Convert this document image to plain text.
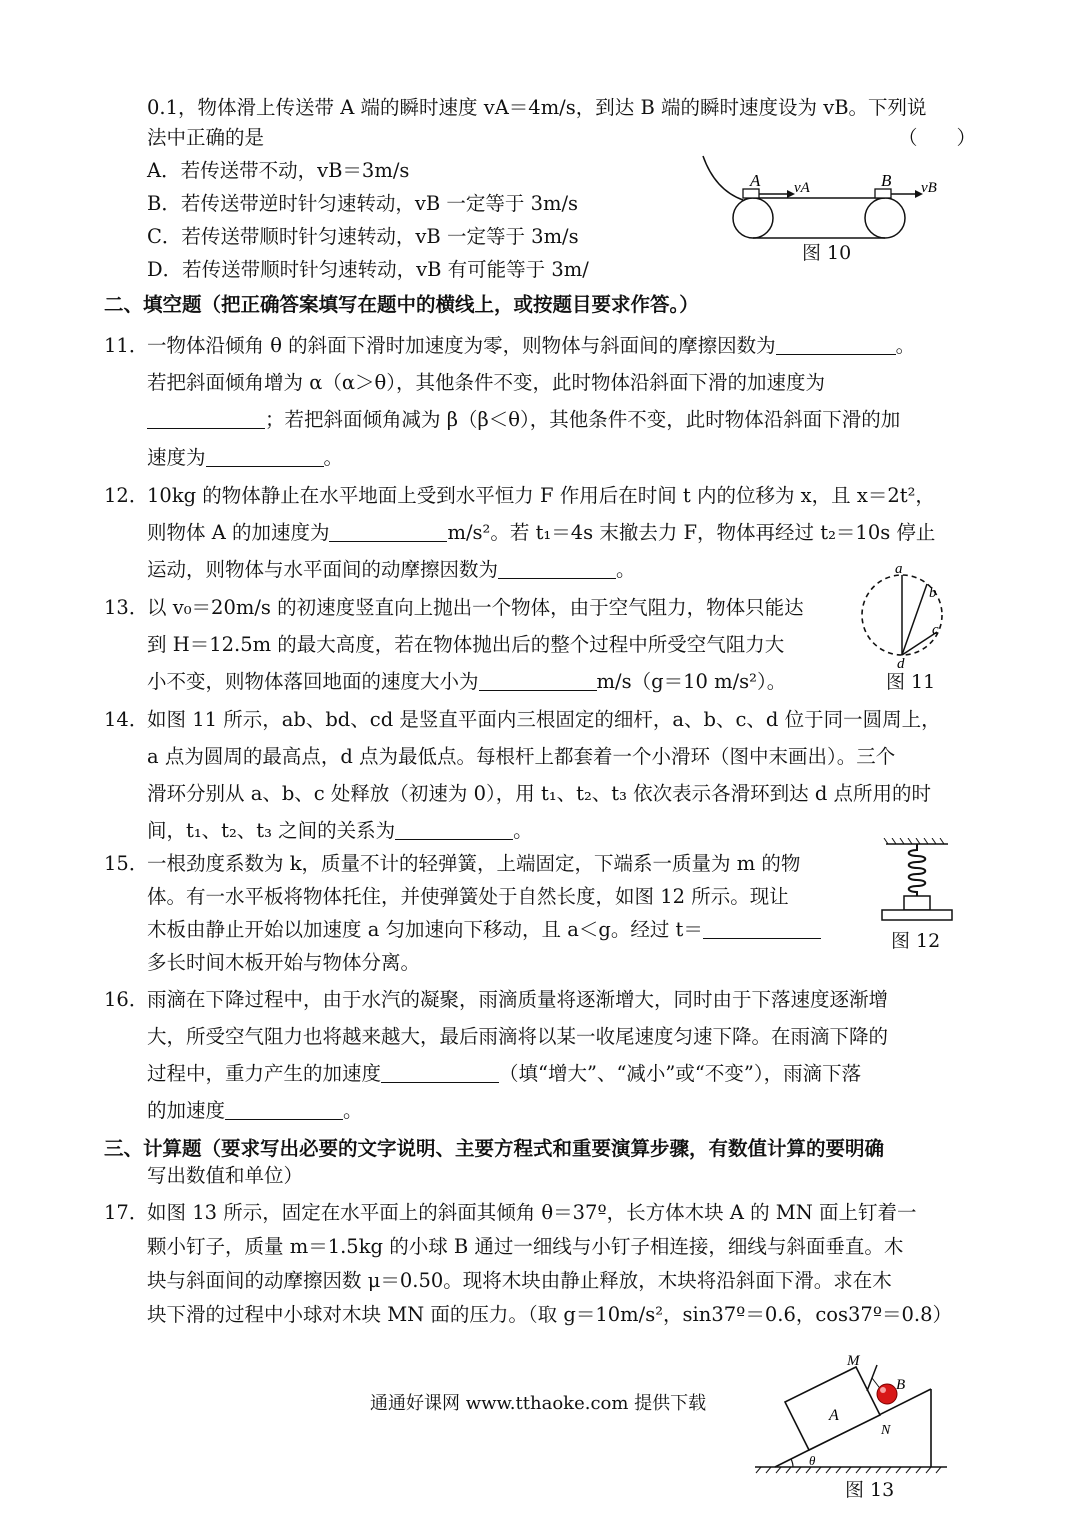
0.1，物体滑上传送带 A 端的瞬时速度 vA＝4m/s，到达 B 端的瞬时速度设为 vB。下列说
法中正确的是	（　　）
A．若传送带不动，vB＝3m/s
B．若传送带逆时针匀速转动，vB 一定等于 3m/s
C．若传送带顺时针匀速转动，vB 一定等于 3m/s
D．若传送带顺时针匀速转动，vB 有可能等于 3m/
A vA	B vB
图 10
二、填空题（把正确答案填写在题中的横线上，或按题目要求作答。）
11．
一物体沿倾角 θ 的斜面下滑时加速度为零，则物体与斜面间的摩擦因数为	。
若把斜面倾角增为 α（α＞θ），其他条件不变，此时物体沿斜面下滑的加速度为
；若把斜面倾角减为 β（β＜θ），其他条件不变，此时物体沿斜面下滑的加
速度为	。
12．
10kg 的物体静止在水平地面上受到水平恒力 F 作用后在时间 t 内的位移为 x，且 x＝2t²，
则物体 A 的加速度为	m/s²。若 t₁＝4s 末撤去力 F，物体再经过 t₂＝10s 停止
运动，则物体与水平面间的动摩擦因数为	。
13．
以 v₀＝20m/s 的初速度竖直向上抛出一个物体，由于空气阻力，物体只能达
到 H＝12.5m 的最大高度，若在物体抛出后的整个过程中所受空气阻力大
小不变，则物体落回地面的速度大小为	m/s（g＝10 m/s²）。
a
b
c
d
图 11
14．
如图 11 所示，ab、bd、cd 是竖直平面内三根固定的细杆，a、b、c、d 位于同一圆周上，
a 点为圆周的最高点，d 点为最低点。每根杆上都套着一个小滑环（图中末画出）。三个
滑环分别从 a、b、c 处释放（初速为 0），用 t₁、t₂、t₃ 依次表示各滑环到达 d 点所用的时
间，t₁、t₂、t₃ 之间的关系为	。
15．
一根劲度系数为 k，质量不计的轻弹簧，上端固定，下端系一质量为 m 的物
体。有一水平板将物体托住，并使弹簧处于自然长度，如图 12 所示。现让
木板由静止开始以加速度 a 匀加速向下移动，且 a＜g。经过 t＝
多长时间木板开始与物体分离。
图 12
16．
雨滴在下降过程中，由于水汽的凝聚，雨滴质量将逐渐增大，同时由于下落速度逐渐增
大，所受空气阻力也将越来越大，最后雨滴将以某一收尾速度匀速下降。在雨滴下降的
过程中，重力产生的加速度	（填“增大”、“减小”或“不变”），雨滴下落
的加速度	。
三、计算题（要求写出必要的文字说明、主要方程式和重要演算步骤，有数值计算的要明确
写出数值和单位）
17．
如图 13 所示，固定在水平面上的斜面其倾角 θ＝37º，长方体木块 A 的 MN 面上钉着一
颗小钉子，质量 m＝1.5kg 的小球 B 通过一细线与小钉子相连接，细线与斜面垂直。木
块与斜面间的动摩擦因数 μ＝0.50。现将木块由静止释放，木块将沿斜面下滑。求在木
块下滑的过程中小球对木块 MN 面的压力。（取 g＝10m/s²，sin37º＝0.6，cos37º＝0.8）
通通好课网 www.tthaoke.com 提供下载
M
B
A
N
θ
图 13
